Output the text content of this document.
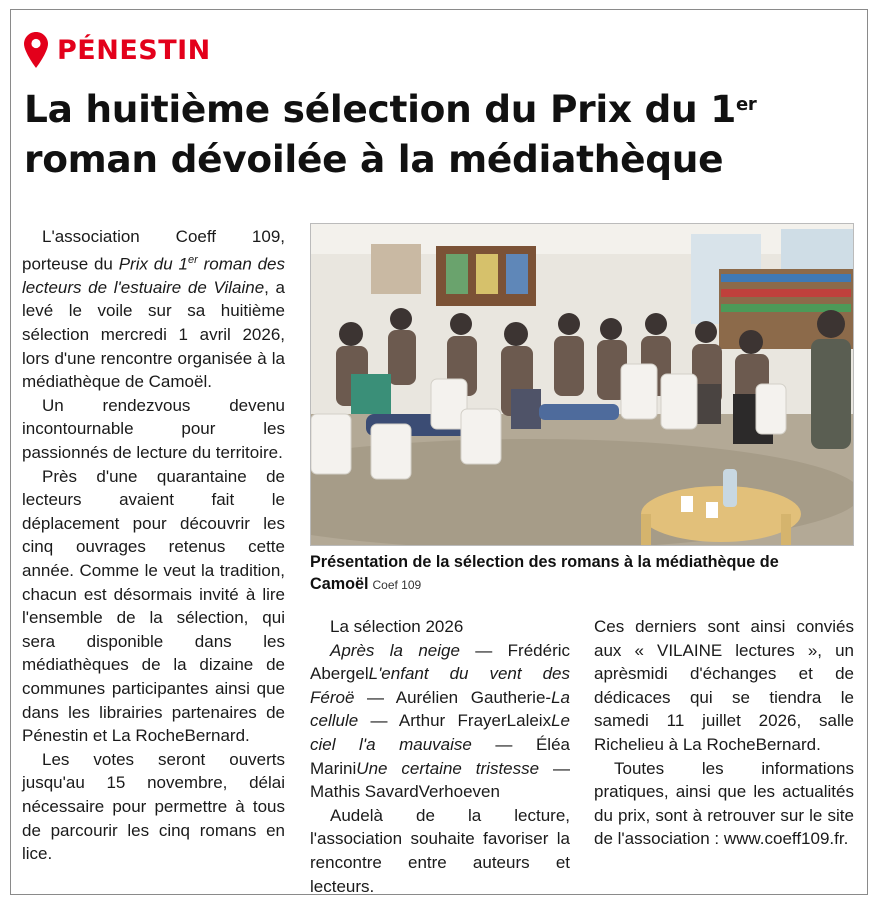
PÉNESTIN
La huitième sélection du Prix du 1er
roman dévoilée à la médiathèque

L'association Coeff 109, porteuse du Prix du 1er roman des lecteurs de l'estuaire de Vilaine, a levé le voile sur sa huitième sélection mercredi 1 avril 2026, lors d'une rencontre organisée à la médiathèque de Camoël.

Un rendezvous devenu incontournable pour les passionnés de lecture du territoire.

Près d'une quarantaine de lecteurs avaient fait le déplacement pour découvrir les cinq ouvrages retenus cette année. Comme le veut la tradition, chacun est désormais invité à lire l'ensemble de la sélection, qui sera disponible dans les médiathèques de la dizaine de communes participantes ainsi que dans les librairies partenaires de Pénestin et La RocheBernard.

Les votes seront ouverts jusqu'au 15 novembre, délai nécessaire pour permettre à tous de parcourir les cinq romans en lice.

Présentation de la sélection des romans à la médiathèque de Camoël Coef 109

La sélection 2026

Après la neige — Frédéric AbergelL'enfant du vent des Féroë — Aurélien Gautherie-La cellule — Arthur FrayerLaleixLe ciel l'a mauvaise — Éléa MariniUne certaine tristesse — Mathis SavardVerhoeven

Audelà de la lecture, l'association souhaite favoriser la rencontre entre auteurs et lecteurs.

Ces derniers sont ainsi conviés aux « VILAINE lectures », un aprèsmidi d'échanges et de dédicaces qui se tiendra le samedi 11 juillet 2026, salle Richelieu à La RocheBernard.

Toutes les informations pratiques, ainsi que les actualités du prix, sont à retrouver sur le site de l'association : www.coeff109.fr.
